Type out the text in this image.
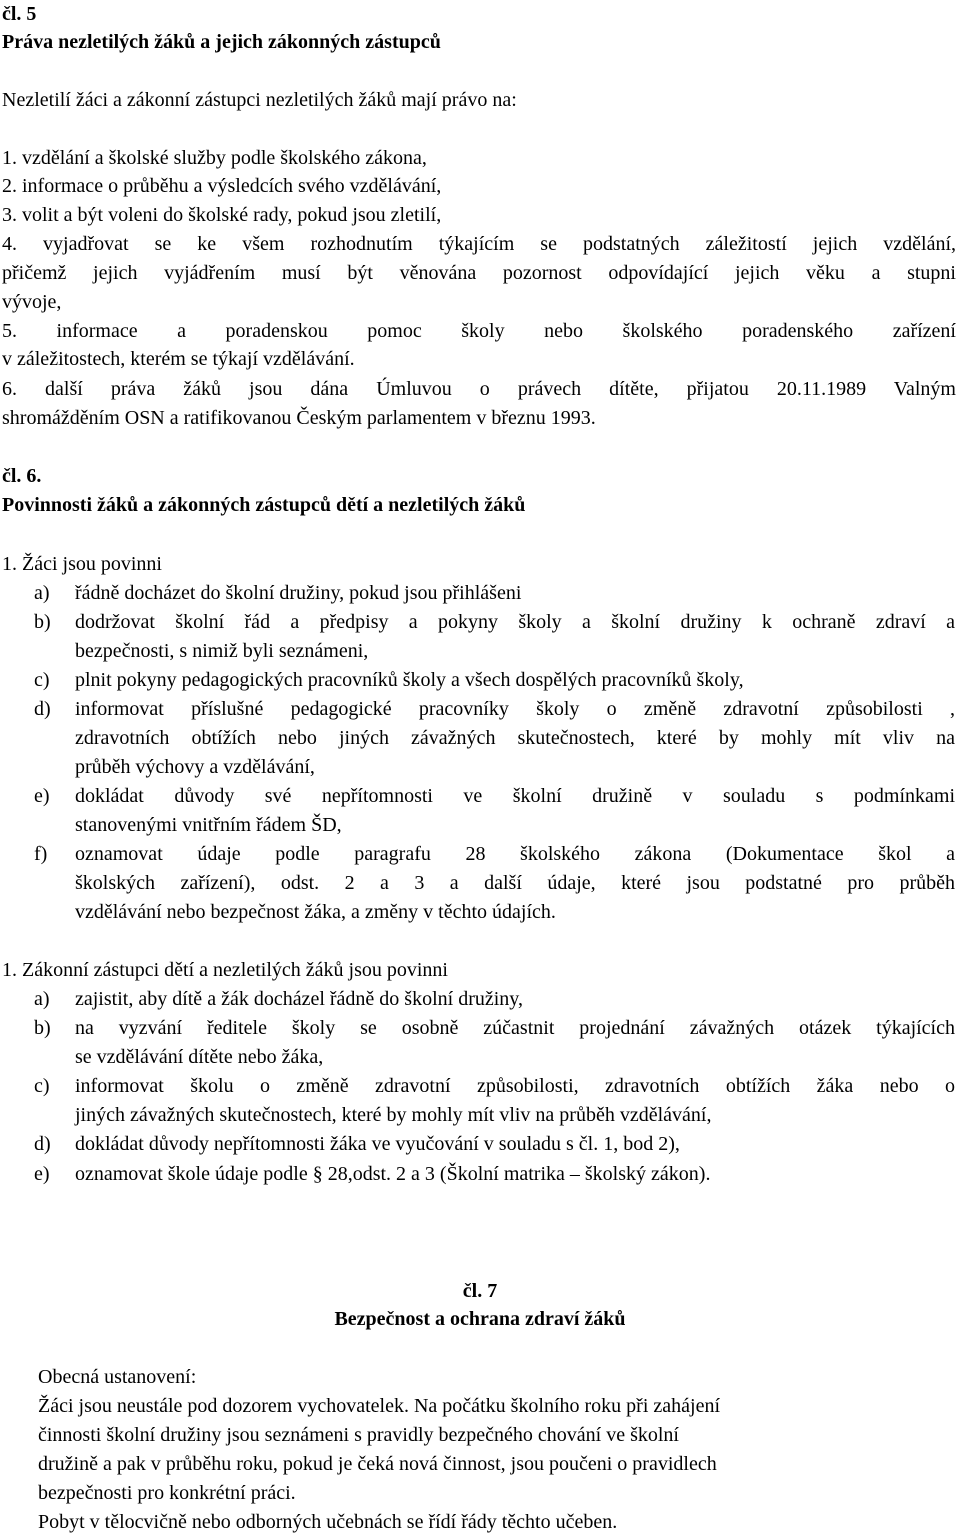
čl. 5
Práva nezletilých žáků a jejich zákonných zástupců
Nezletilí žáci a zákonní zástupci nezletilých žáků mají právo na:
1. vzdělání a školské služby podle školského zákona,
2. informace o průběhu a výsledcích svého vzdělávání,
3. volit a být voleni do školské rady, pokud jsou zletilí,
4. vyjadřovat se ke všem rozhodnutím týkajícím se podstatných záležitostí jejich vzdělání,
přičemž jejich vyjádřením musí být věnována pozornost odpovídající jejich věku a stupni
vývoje,
5. informace a poradenskou pomoc školy nebo školského poradenského zařízení
v záležitostech, kterém se týkají vzdělávání.
6. další práva žáků jsou dána Úmluvou o právech dítěte, přijatou 20.11.1989 Valným
shromážděním OSN a ratifikovanou Českým parlamentem v březnu 1993.
čl. 6.
Povinnosti žáků a zákonných zástupců dětí a nezletilých žáků
1. Žáci jsou povinni
a)	řádně docházet do školní družiny, pokud jsou přihlášeni
b)	dodržovat školní řád a předpisy a pokyny školy a školní družiny k ochraně zdraví a
bezpečnosti, s nimiž byli seznámeni,
c)	plnit pokyny pedagogických pracovníků školy a všech dospělých pracovníků školy,
d)	informovat příslušné pedagogické pracovníky školy o změně zdravotní způsobilosti ,
zdravotních obtížích nebo jiných závažných skutečnostech, které by mohly mít vliv na
průběh výchovy a vzdělávání,
e)	dokládat důvody své nepřítomnosti ve školní družině v souladu s podmínkami
stanovenými vnitřním řádem ŠD,
f)	oznamovat údaje podle paragrafu 28 školského zákona (Dokumentace škol a
školských zařízení), odst. 2 a 3 a další údaje, které jsou podstatné pro průběh
vzdělávání nebo bezpečnost žáka, a změny v těchto údajích.
1. Zákonní zástupci dětí a nezletilých žáků jsou povinni
a)	zajistit, aby dítě a žák docházel řádně do školní družiny,
b)	na vyzvání ředitele školy se osobně zúčastnit projednání závažných otázek týkajících
se vzdělávání dítěte nebo žáka,
c)	informovat školu o změně zdravotní způsobilosti, zdravotních obtížích žáka nebo o
jiných závažných skutečnostech, které by mohly mít vliv na průběh vzdělávání,
d)	dokládat důvody nepřítomnosti žáka ve vyučování v souladu s čl. 1, bod 2),
e)	oznamovat škole údaje podle § 28,odst. 2 a 3 (Školní matrika – školský zákon).
čl. 7
Bezpečnost a ochrana zdraví žáků
Obecná ustanovení:
Žáci jsou neustále pod dozorem vychovatelek. Na počátku školního roku při zahájení
činnosti školní družiny jsou seznámeni s pravidly bezpečného chování ve školní
družině a pak v průběhu roku, pokud je čeká nová činnost, jsou poučeni o pravidlech
bezpečnosti pro konkrétní práci.
Pobyt v tělocvičně nebo odborných učebnách se řídí řády těchto učeben.
